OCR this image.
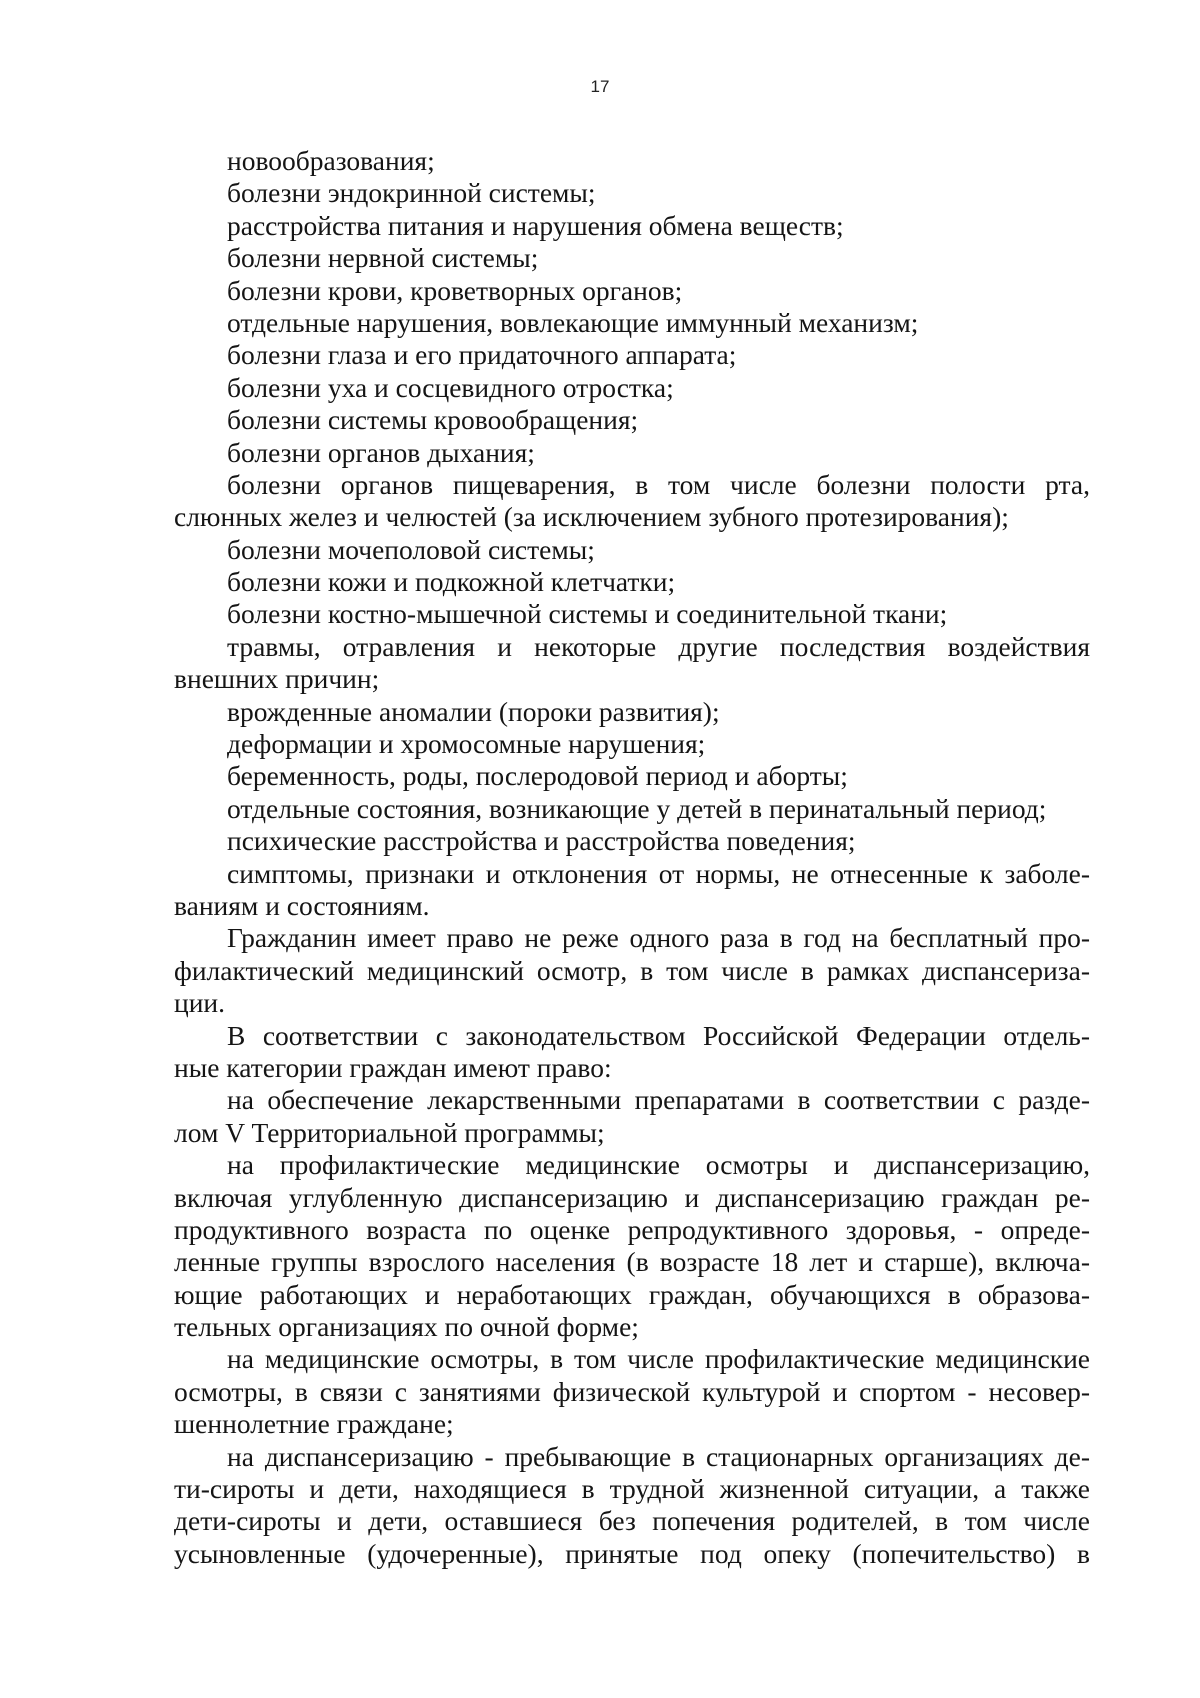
17
новообразования;
болезни эндокринной системы;
расстройства питания и нарушения обмена веществ;
болезни нервной системы;
болезни крови, кроветворных органов;
отдельные нарушения, вовлекающие иммунный механизм;
болезни глаза и его придаточного аппарата;
болезни уха и сосцевидного отростка;
болезни системы кровообращения;
болезни органов дыхания;
болезни органов пищеварения, в том числе болезни полости рта,
слюнных желез и челюстей (за исключением зубного протезирования);
болезни мочеполовой системы;
болезни кожи и подкожной клетчатки;
болезни костно-мышечной системы и соединительной ткани;
травмы, отравления и некоторые другие последствия воздействия
внешних причин;
врожденные аномалии (пороки развития);
деформации и хромосомные нарушения;
беременность, роды, послеродовой период и аборты;
отдельные состояния, возникающие у детей в перинатальный период;
психические расстройства и расстройства поведения;
симптомы, признаки и отклонения от нормы, не отнесенные к заболе-
ваниям и состояниям.
Гражданин имеет право не реже одного раза в год на бесплатный про-
филактический медицинский осмотр, в том числе в рамках диспансериза-
ции.
В соответствии с законодательством Российской Федерации отдель-
ные категории граждан имеют право:
на обеспечение лекарственными препаратами в соответствии с разде-
лом V Территориальной программы;
на профилактические медицинские осмотры и диспансеризацию,
включая углубленную диспансеризацию и диспансеризацию граждан ре-
продуктивного возраста по оценке репродуктивного здоровья, - опреде-
ленные группы взрослого населения (в возрасте 18 лет и старше), включа-
ющие работающих и неработающих граждан, обучающихся в образова-
тельных организациях по очной форме;
на медицинские осмотры, в том числе профилактические медицинские
осмотры, в связи с занятиями физической культурой и спортом - несовер-
шеннолетние граждане;
на диспансеризацию - пребывающие в стационарных организациях де-
ти-сироты и дети, находящиеся в трудной жизненной ситуации, а также
дети-сироты и дети, оставшиеся без попечения родителей, в том числе
усыновленные (удочеренные), принятые под опеку (попечительство) в
